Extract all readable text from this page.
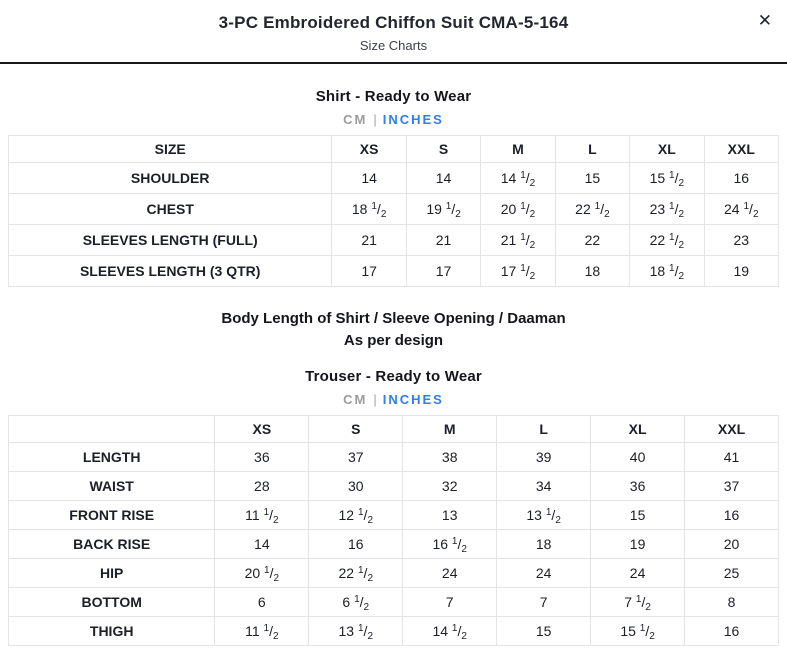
3-PC Embroidered Chiffon Suit CMA-5-164
Size Charts
✕
Shirt - Ready to Wear
CM | INCHES
SIZE	XS	S	M	L	XL	XXL
SHOULDER	14	14	14 $^1/_2$	15	15 $^1/_2$	16
CHEST	18 $^1/_2$	19 $^1/_2$	20 $^1/_2$	22 $^1/_2$	23 $^1/_2$	24 $^1/_2$
SLEEVES LENGTH (FULL)	21	21	21 $^1/_2$	22	22 $^1/_2$	23
SLEEVES LENGTH (3 QTR)	17	17	17 $^1/_2$	18	18 $^1/_2$	19
Body Length of Shirt / Sleeve Opening / Daaman
As per design
Trouser - Ready to Wear
CM | INCHES
	XS	S	M	L	XL	XXL
LENGTH	36	37	38	39	40	41
WAIST	28	30	32	34	36	37
FRONT RISE	11 $^1/_2$	12 $^1/_2$	13	13 $^1/_2$	15	16
BACK RISE	14	16	16 $^1/_2$	18	19	20
HIP	20 $^1/_2$	22 $^1/_2$	24	24	24	25
BOTTOM	6	6 $^1/_2$	7	7	7 $^1/_2$	8
THIGH	11 $^1/_2$	13 $^1/_2$	14 $^1/_2$	15	15 $^1/_2$	16
